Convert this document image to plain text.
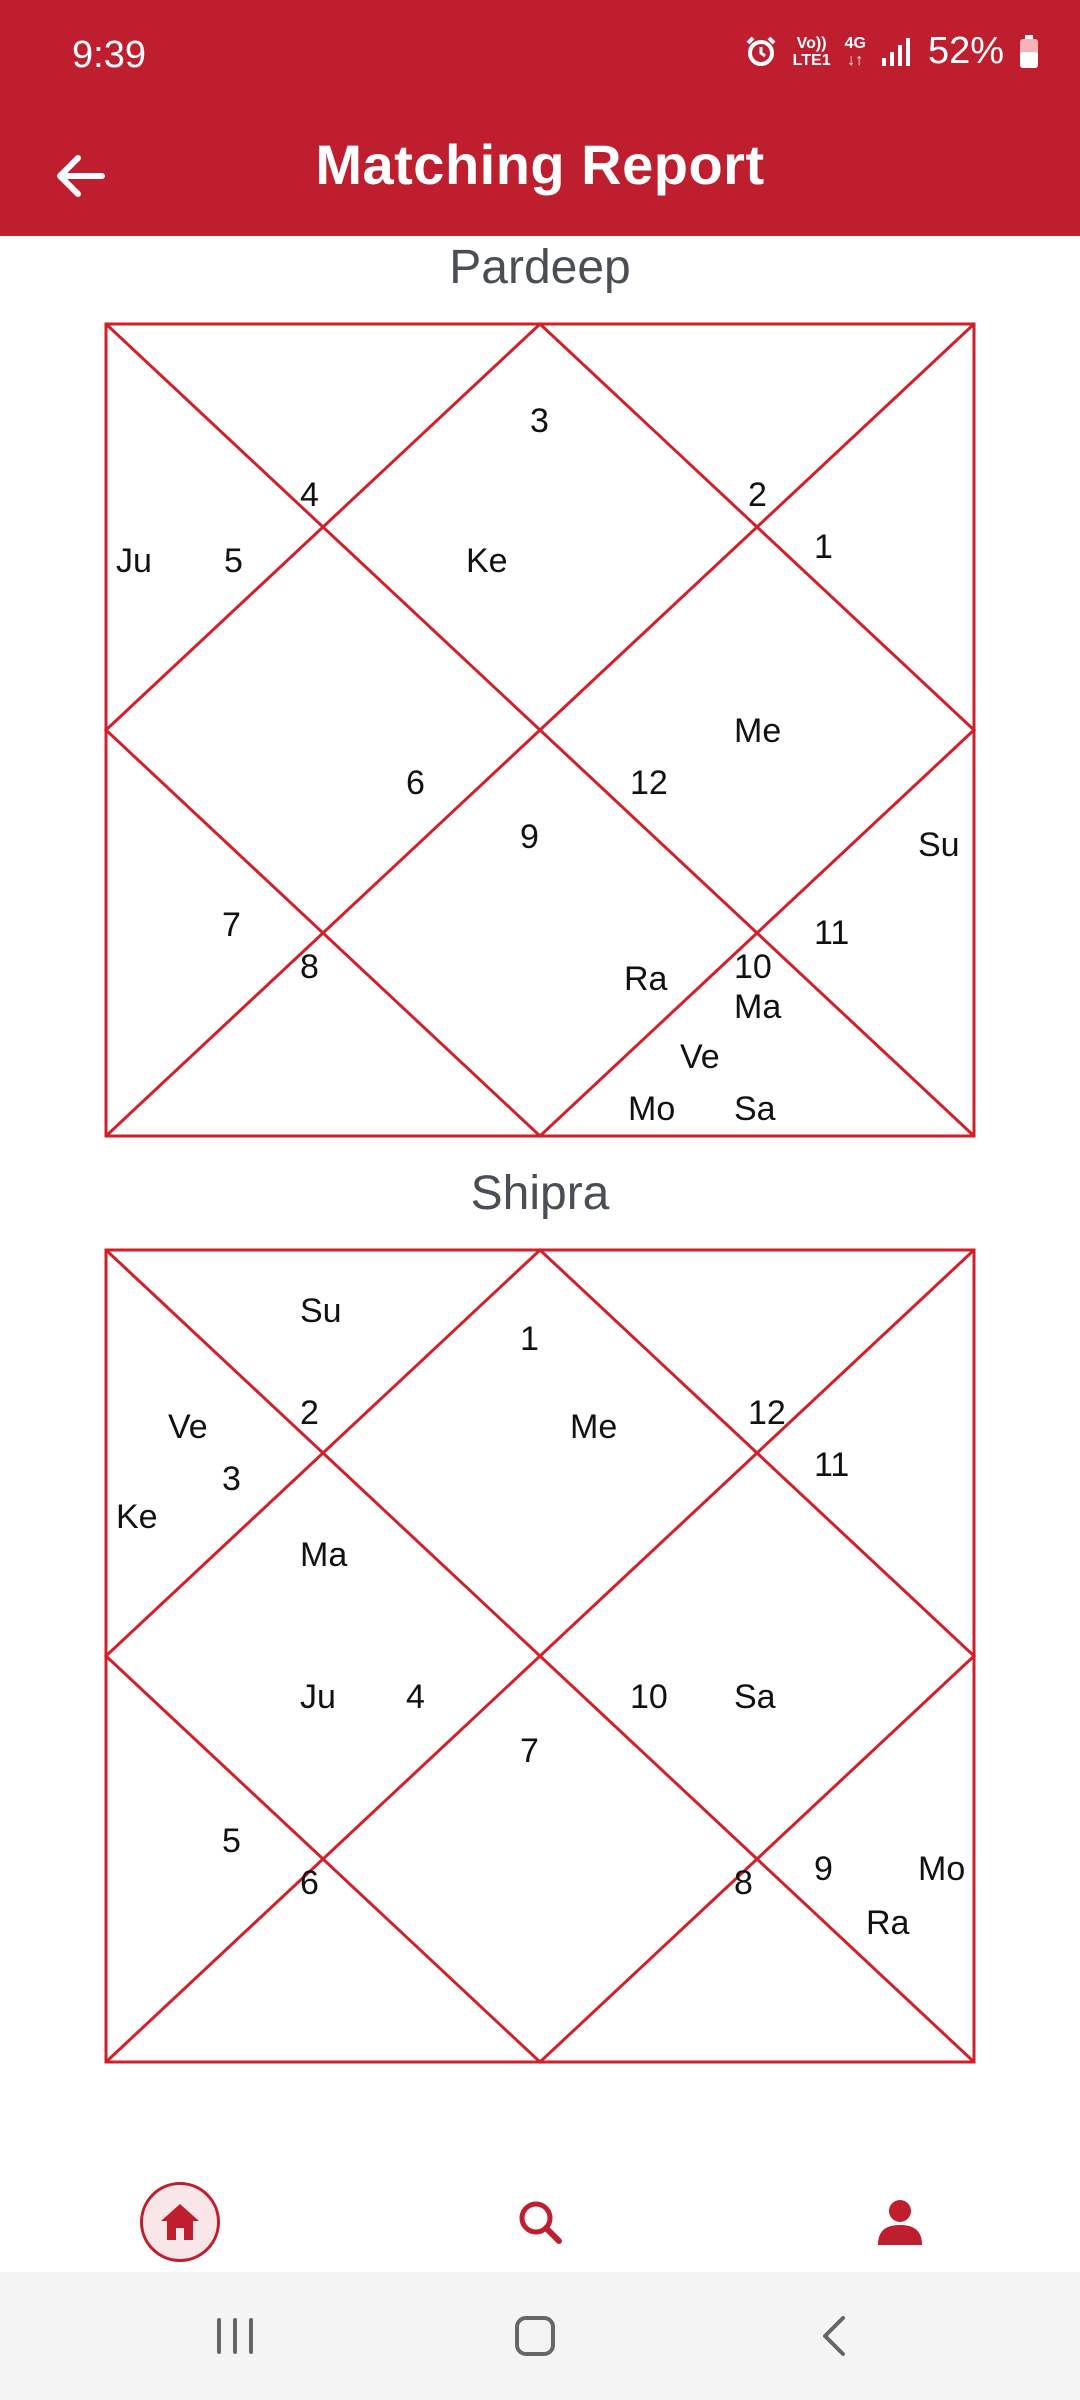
9:39	Vo))
LTE1
4G
↓↑ 52%
Matching Report
Pardeep
3
2
1
4
5	Ke
Ju
6	12
9
Me
Su
7
8
11
10
Ra
Ma
Ve
Mo Sa
Shipra
Su
1
2	12
11
Ve
3
Me
Ke
Ma
Ju 4	10 Sa
7
5
6	9	Mo
8
Ra
